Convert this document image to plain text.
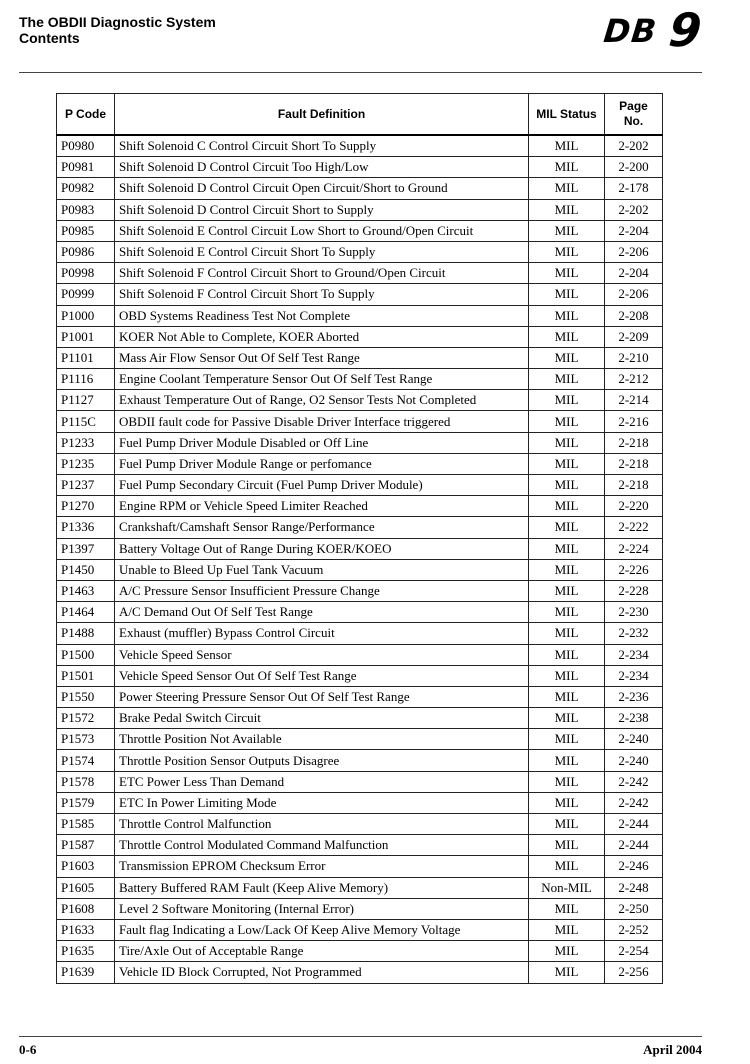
The OBDII Diagnostic System
Contents	DB 9
P Code	Fault Definition	MIL Status	Page No.
P0980	Shift Solenoid C Control Circuit Short To Supply	MIL	2-202
P0981	Shift Solenoid D Control Circuit Too High/Low	MIL	2-200
P0982	Shift Solenoid D Control Circuit Open Circuit/Short to Ground	MIL	2-178
P0983	Shift Solenoid D Control Circuit Short to Supply	MIL	2-202
P0985	Shift Solenoid E Control Circuit Low Short to Ground/Open Circuit	MIL	2-204
P0986	Shift Solenoid E Control Circuit Short To Supply	MIL	2-206
P0998	Shift Solenoid F Control Circuit Short to Ground/Open Circuit	MIL	2-204
P0999	Shift Solenoid F Control Circuit Short To Supply	MIL	2-206
P1000	OBD Systems Readiness Test Not Complete	MIL	2-208
P1001	KOER Not Able to Complete, KOER Aborted	MIL	2-209
P1101	Mass Air Flow Sensor Out Of Self Test Range	MIL	2-210
P1116	Engine Coolant Temperature Sensor Out Of Self Test Range	MIL	2-212
P1127	Exhaust Temperature Out of Range, O2 Sensor Tests Not Completed	MIL	2-214
P115C	OBDII fault code for Passive Disable Driver Interface triggered	MIL	2-216
P1233	Fuel Pump Driver Module Disabled or Off Line	MIL	2-218
P1235	Fuel Pump Driver Module Range or perfomance	MIL	2-218
P1237	Fuel Pump Secondary Circuit (Fuel Pump Driver Module)	MIL	2-218
P1270	Engine RPM or Vehicle Speed Limiter Reached	MIL	2-220
P1336	Crankshaft/Camshaft Sensor Range/Performance	MIL	2-222
P1397	Battery Voltage Out of Range During KOER/KOEO	MIL	2-224
P1450	Unable to Bleed Up Fuel Tank Vacuum	MIL	2-226
P1463	A/C Pressure Sensor Insufficient Pressure Change	MIL	2-228
P1464	A/C Demand Out Of Self Test Range	MIL	2-230
P1488	Exhaust (muffler) Bypass Control Circuit	MIL	2-232
P1500	Vehicle Speed Sensor	MIL	2-234
P1501	Vehicle Speed Sensor Out Of Self Test Range	MIL	2-234
P1550	Power Steering Pressure Sensor Out Of Self Test Range	MIL	2-236
P1572	Brake Pedal Switch Circuit	MIL	2-238
P1573	Throttle Position Not Available	MIL	2-240
P1574	Throttle Position Sensor Outputs Disagree	MIL	2-240
P1578	ETC Power Less Than Demand	MIL	2-242
P1579	ETC In Power Limiting Mode	MIL	2-242
P1585	Throttle Control Malfunction	MIL	2-244
P1587	Throttle Control Modulated Command Malfunction	MIL	2-244
P1603	Transmission EPROM Checksum Error	MIL	2-246
P1605	Battery Buffered RAM Fault (Keep Alive Memory)	Non-MIL	2-248
P1608	Level 2 Software Monitoring (Internal Error)	MIL	2-250
P1633	Fault flag Indicating a Low/Lack Of Keep Alive Memory Voltage	MIL	2-252
P1635	Tire/Axle Out of Acceptable Range	MIL	2-254
P1639	Vehicle ID Block Corrupted, Not Programmed	MIL	2-256
0-6	April 2004
